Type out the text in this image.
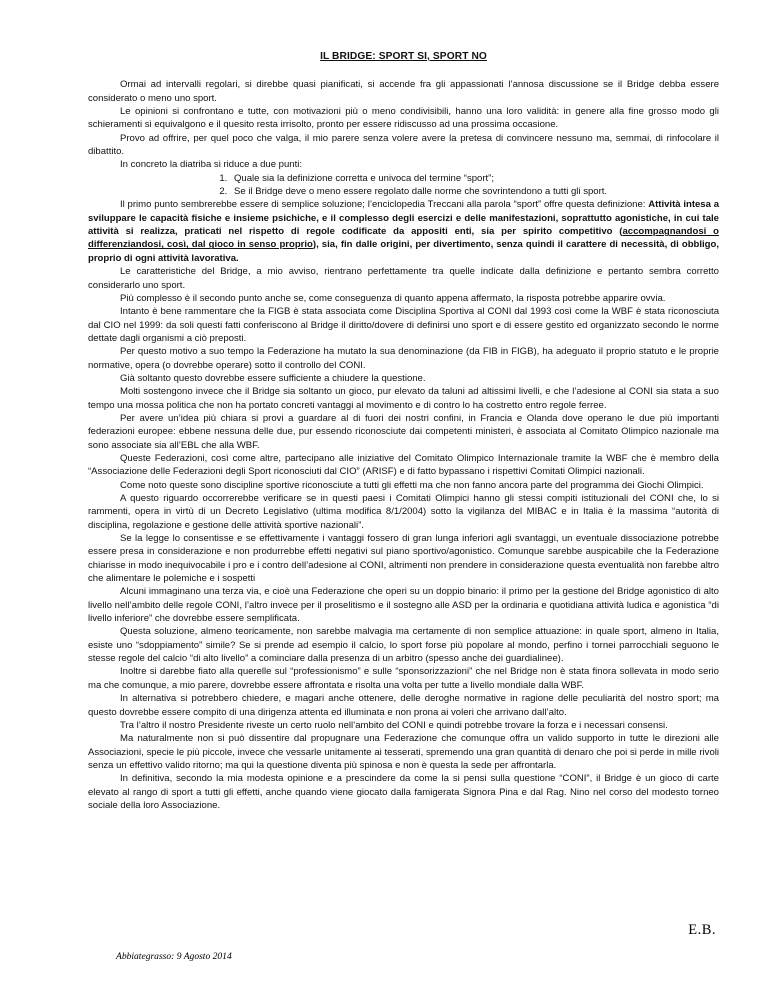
IL BRIDGE: SPORT SI, SPORT NO

Ormai ad intervalli regolari, si direbbe quasi pianificati, si accende fra gli appassionati l’annosa discussione se il Bridge debba essere considerato o meno uno sport.

Le opinioni si confrontano e tutte, con motivazioni più o meno condivisibili, hanno una loro validità: in genere alla fine grosso modo gli schieramenti si equivalgono e il quesito resta irrisolto, pronto per essere ridiscusso ad una prossima occasione.

Provo ad offrire, per quel poco che valga, il mio parere senza volere avere la pretesa di convincere nessuno ma, semmai, di rinfocolare il dibattito.

In concreto la diatriba si riduce a due punti:

1. Quale sia la definizione corretta e univoca del termine “sport”;
2. Se il Bridge deve o meno essere regolato dalle norme che sovrintendono a tutti gli sport.

Il primo punto sembrerebbe essere di semplice soluzione; l’enciclopedia Treccani alla parola “sport” offre questa definizione: Attività intesa a sviluppare le capacità fisiche e insieme psichiche, e il complesso degli esercizi e delle manifestazioni, soprattutto agonistiche, in cui tale attività si realizza, praticati nel rispetto di regole codificate da appositi enti, sia per spirito competitivo (accompagnandosi o differenziandosi, così, dal gioco in senso proprio), sia, fin dalle origini, per divertimento, senza quindi il carattere di necessità, di obbligo, proprio di ogni attività lavorativa.

Le caratteristiche del Bridge, a mio avviso, rientrano perfettamente tra quelle indicate dalla definizione e pertanto sembra corretto considerarlo uno sport.

Più complesso è il secondo punto anche se, come conseguenza di quanto appena affermato, la risposta potrebbe apparire ovvia.

Intanto è bene rammentare che la FIGB è stata associata come Disciplina Sportiva al CONI dal 1993 così come la WBF è stata riconosciuta dal CIO nel 1999: da soli questi fatti conferiscono al Bridge il diritto/dovere di definirsi uno sport e di essere gestito ed organizzato secondo le norme dettate dagli organismi a ciò preposti.

Per questo motivo a suo tempo la Federazione ha mutato la sua denominazione (da FIB in FIGB), ha adeguato il proprio statuto e le proprie normative, opera (o dovrebbe operare) sotto il controllo del CONI.

Già soltanto questo dovrebbe essere sufficiente a chiudere la questione.

Molti sostengono invece che il Bridge sia soltanto un gioco, pur elevato da taluni ad altissimi livelli, e che l’adesione al CONI sia stata a suo tempo una mossa politica che non ha portato concreti vantaggi al movimento e di contro lo ha costretto entro regole ferree.

Per avere un’idea più chiara si provi a guardare al di fuori dei nostri confini, in Francia e Olanda dove operano le due più importanti federazioni europee: ebbene nessuna delle due, pur essendo riconosciute dai competenti ministeri, è associata al Comitato Olimpico nazionale ma sono associate sia all’EBL che alla WBF.

Queste Federazioni, così come altre, partecipano alle iniziative del Comitato Olimpico Internazionale tramite la WBF che è membro della “Associazione delle Federazioni degli Sport riconosciuti dal CIO” (ARISF) e di fatto bypassano i rispettivi Comitati Olimpici nazionali.

Come noto queste sono discipline sportive riconosciute a tutti gli effetti ma che non fanno ancora parte del programma dei Giochi Olimpici.

A questo riguardo occorrerebbe verificare se in questi paesi i Comitati Olimpici hanno gli stessi compiti istituzionali del CONI che, lo si rammenti, opera in virtù di un Decreto Legislativo (ultima modifica 8/1/2004) sotto la vigilanza del MIBAC e in Italia è la massima “autorità di disciplina, regolazione e gestione delle attività sportive nazionali”.

Se la legge lo consentisse e se effettivamente i vantaggi fossero di gran lunga inferiori agli svantaggi, un eventuale dissociazione potrebbe essere presa in considerazione e non produrrebbe effetti negativi sul piano sportivo/agonistico. Comunque sarebbe auspicabile che la Federazione chiarisse in modo inequivocabile i pro e i contro dell’adesione al CONI, altrimenti non prendere in considerazione questa eventualità non farebbe altro che alimentare le polemiche e i sospetti

Alcuni immaginano una terza via, e cioè una Federazione che operi su un doppio binario: il primo per la gestione del Bridge agonistico di alto livello nell’ambito delle regole CONI, l’altro invece per il proselitismo e il sostegno alle ASD per la ordinaria e quotidiana attività ludica e agonistica “di livello inferiore” che dovrebbe essere semplificata.

Questa soluzione, almeno teoricamente, non sarebbe malvagia ma certamente di non semplice attuazione: in quale sport, almeno in Italia, esiste uno “sdoppiamento” simile? Se si prende ad esempio il calcio, lo sport forse più popolare al mondo, perfino i tornei parrocchiali seguono le stesse regole del calcio “di alto livello” a cominciare dalla presenza di un arbitro (spesso anche dei guardialinee).

Inoltre si darebbe fiato alla querelle sul “professionismo” e sulle “sponsorizzazioni” che nel Bridge non è stata finora sollevata in modo serio ma che comunque, a mio parere, dovrebbe essere affrontata e risolta una volta per tutte a livello mondiale dalla WBF.

In alternativa si potrebbero chiedere, e magari anche ottenere, delle deroghe normative in ragione delle peculiarità del nostro sport; ma questo dovrebbe essere compito di una dirigenza attenta ed illuminata e non prona ai voleri che arrivano dall’alto.

Tra l’altro il nostro Presidente riveste un certo ruolo nell’ambito del CONI e quindi potrebbe trovare la forza e i necessari consensi.

Ma naturalmente non si può dissentire dal propugnare una Federazione che comunque offra un valido supporto in tutte le direzioni alle Associazioni, specie le più piccole, invece che vessarle unitamente ai tesserati, spremendo una gran quantità di denaro che poi si perde in mille rivoli senza un effettivo valido ritorno; ma qui la questione diventa più spinosa e non è questa la sede per affrontarla.

In definitiva, secondo la mia modesta opinione e a prescindere da come la si pensi sulla questione “CONI”, il Bridge è un gioco di carte elevato al rango di sport a tutti gli effetti, anche quando viene giocato dalla famigerata Signora Pina e dal Rag. Nino nel corso del modesto torneo sociale della loro Associazione.

E.B.
Abbiategrasso: 9 Agosto 2014
